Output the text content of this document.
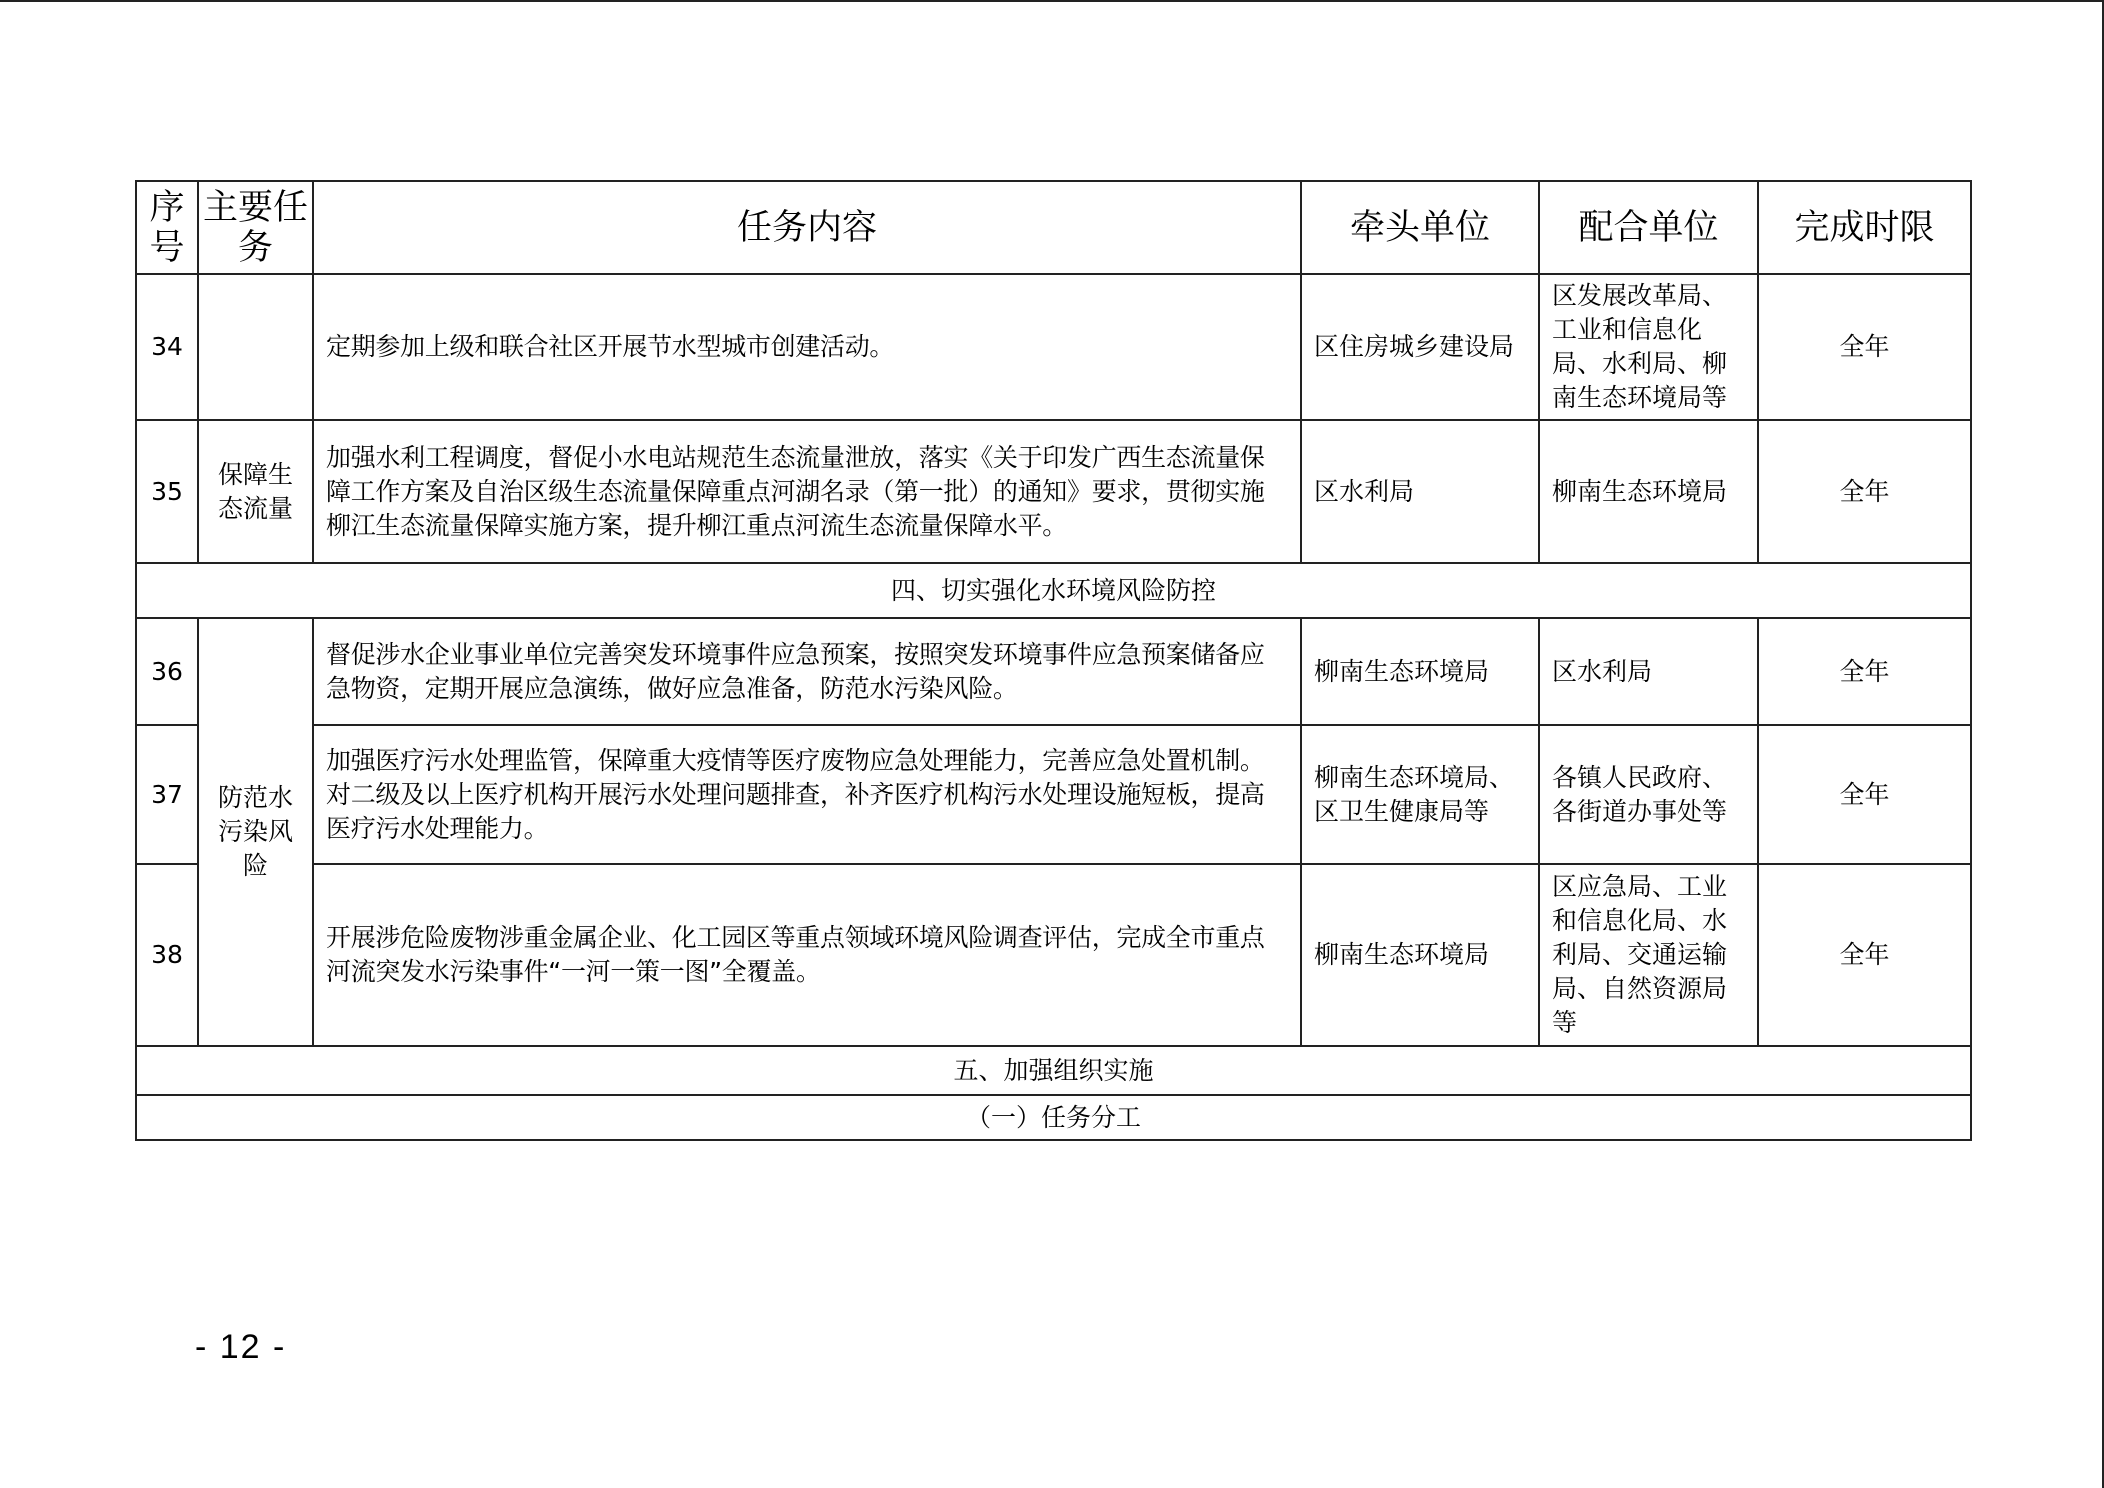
序号	主要任务	任务内容	牵头单位	配合单位	完成时限
34		定期参加上级和联合社区开展节水型城市创建活动。	区住房城乡建设局	区发展改革局、工业和信息化局、水利局、柳南生态环境局等	全年
35	保障生态流量	加强水利工程调度，督促小水电站规范生态流量泄放，落实《关于印发广西生态流量保障工作方案及自治区级生态流量保障重点河湖名录（第一批）的通知》要求，贯彻实施柳江生态流量保障实施方案，提升柳江重点河流生态流量保障水平。	区水利局	柳南生态环境局	全年
四、切实强化水环境风险防控					
36	防范水污染风险	督促涉水企业事业单位完善突发环境事件应急预案，按照突发环境事件应急预案储备应急物资，定期开展应急演练，做好应急准备，防范水污染风险。	柳南生态环境局	区水利局	全年
37		加强医疗污水处理监管，保障重大疫情等医疗废物应急处理能力，完善应急处置机制。对二级及以上医疗机构开展污水处理问题排查，补齐医疗机构污水处理设施短板，提高医疗污水处理能力。	柳南生态环境局、区卫生健康局等	各镇人民政府、各街道办事处等	全年
38		开展涉危险废物涉重金属企业、化工园区等重点领域环境风险调查评估，完成全市重点河流突发水污染事件“一河一策一图”全覆盖。	柳南生态环境局	区应急局、工业和信息化局、水利局、交通运输局、自然资源局等	全年
五、加强组织实施					
（一）任务分工					
- 12 -
